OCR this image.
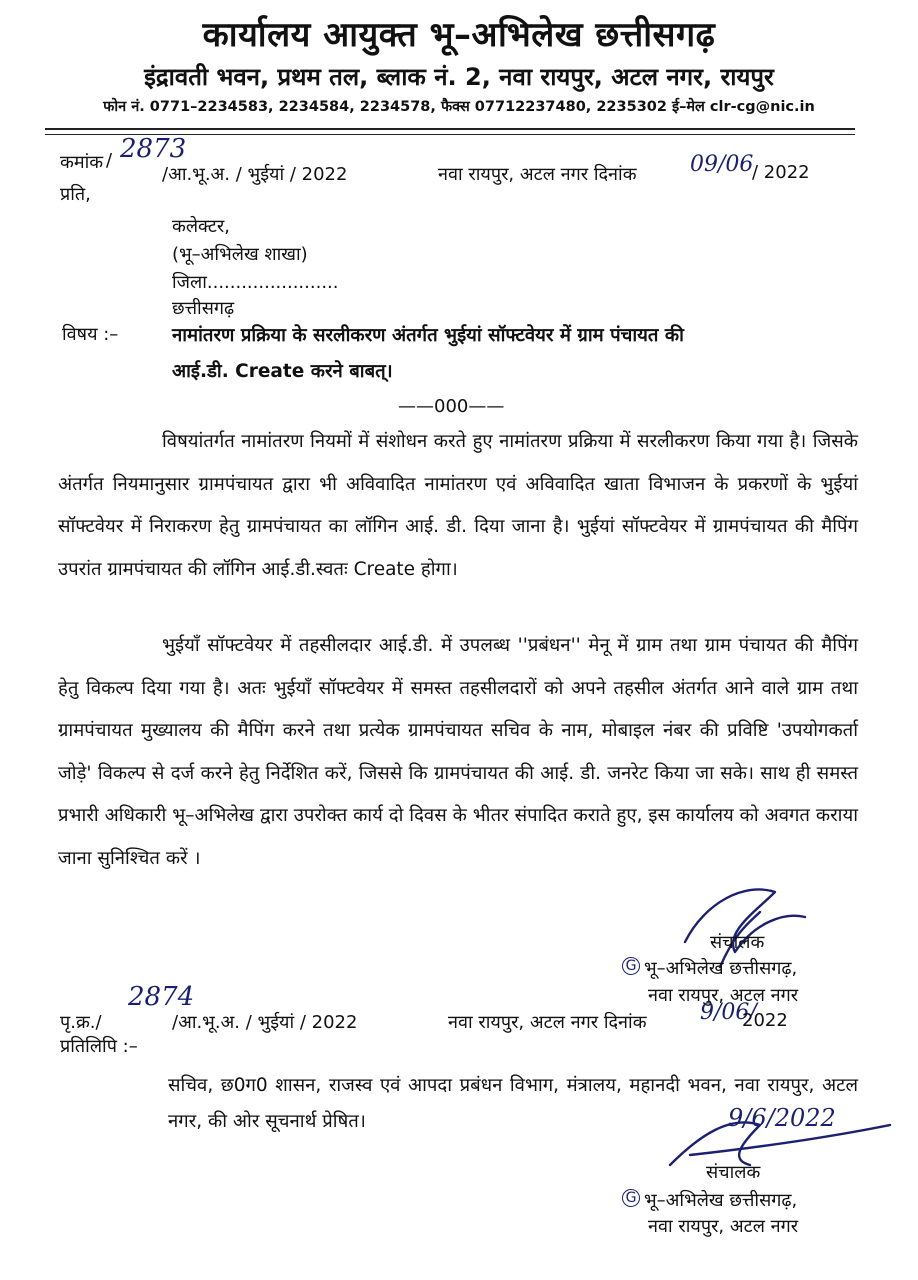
कार्यालय आयुक्त भू–अभिलेख छत्तीसगढ़
इंद्रावती भवन, प्रथम तल, ब्लाक नं. 2, नवा रायपुर, अटल नगर, रायपुर
फोन नं. 0771–2234583, 2234584, 2234578, फैक्स 07712237480, 2235302 ई–मेल clr-cg@nic.in
कमांक / 2873
/आ.भू.अ. / भुईयां / 2022	नवा रायपुर, अटल नगर दिनांक 09/06
/ 2022
प्रति,
कलेक्टर,
(भू–अभिलेख शाखा)
जिला.......................
छत्तीसगढ़
विषय :–	नामांतरण प्रक्रिया के सरलीकरण अंतर्गत भुईयां सॉफ्टवेयर में ग्राम पंचायत की
आई.डी. Create करने बाबत्।
——000——
विषयांतर्गत नामांतरण नियमों में संशोधन करते हुए नामांतरण प्रक्रिया में सरलीकरण किया गया है। जिसके अंतर्गत नियमानुसार ग्रामपंचायत द्वारा भी अविवादित नामांतरण एवं अविवादित खाता विभाजन के प्रकरणों के भुईयां सॉफ्टवेयर में निराकरण हेतु ग्रामपंचायत का लॉगिन आई. डी. दिया जाना है। भुईयां सॉफ्टवेयर में ग्रामपंचायत की मैपिंग उपरांत ग्रामपंचायत की लॉगिन आई.डी.स्वतः Create होगा।
भुईयाँ सॉफ्टवेयर में तहसीलदार आई.डी. में उपलब्ध ''प्रबंधन'' मेनू में ग्राम तथा ग्राम पंचायत की मैपिंग हेतु विकल्प दिया गया है। अतः भुईयाँ सॉफ्टवेयर में समस्त तहसीलदारों को अपने तहसील अंतर्गत आने वाले ग्राम तथा ग्रामपंचायत मुख्यालय की मैपिंग करने तथा प्रत्येक ग्रामपंचायत सचिव के नाम, मोबाइल नंबर की प्रविष्टि 'उपयोगकर्ता जोड़े' विकल्प से दर्ज करने हेतु निर्देशित करें, जिससे कि ग्रामपंचायत की आई. डी. जनरेट किया जा सके। साथ ही समस्त प्रभारी अधिकारी भू–अभिलेख द्वारा उपरोक्त कार्य दो दिवस के भीतर संपादित कराते हुए, इस कार्यालय को अवगत कराया जाना सुनिश्चित करें ।
संचालक
G भू–अभिलेख छत्तीसगढ़,
नवा रायपुर, अटल नगर
पृ.क्र./
2874
/आ.भू.अ. / भुईयां / 2022	नवा रायपुर, अटल नगर दिनांक 9/06/
2022
प्रतिलिपि :–
सचिव, छ0ग0 शासन, राजस्व एवं आपदा प्रबंधन विभाग, मंत्रालय, महानदी भवन, नवा रायपुर, अटल नगर, की ओर सूचनार्थ प्रेषित।	9/6/2022
संचालक
G भू–अभिलेख छत्तीसगढ़,
नवा रायपुर, अटल नगर
